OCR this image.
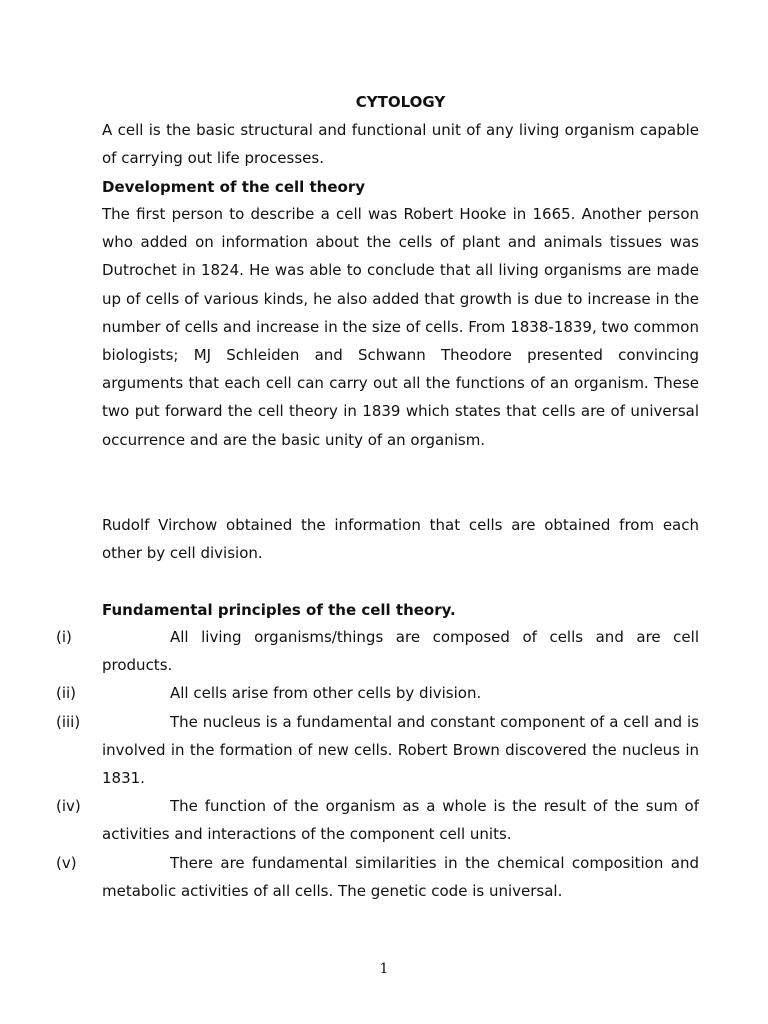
CYTOLOGY

A cell is the basic structural and functional unit of any living organism capable of carrying out life processes.

Development of the cell theory

The first person to describe a cell was Robert Hooke in 1665. Another person who added on information about the cells of plant and animals tissues was Dutrochet in 1824. He was able to conclude that all living organisms are made up of cells of various kinds, he also added that growth is due to increase in the number of cells and increase in the size of cells. From 1838-1839, two common biologists; MJ Schleiden and Schwann Theodore presented convincing arguments that each cell can carry out all the functions of an organism. These two put forward the cell theory in 1839 which states that cells are of universal occurrence and are the basic unity of an organism.

Rudolf Virchow obtained the information that cells are obtained from each other by cell division.

Fundamental principles of the cell theory.

(i)	All living organisms/things are composed of cells and are cell products.

(ii)	All cells arise from other cells by division.

(iii)	The nucleus is a fundamental and constant component of a cell and is involved in the formation of new cells. Robert Brown discovered the nucleus in 1831.

(iv)	The function of the organism as a whole is the result of the sum of activities and interactions of the component cell units.

(v)	There are fundamental similarities in the chemical composition and metabolic activities of all cells. The genetic code is universal.

1
